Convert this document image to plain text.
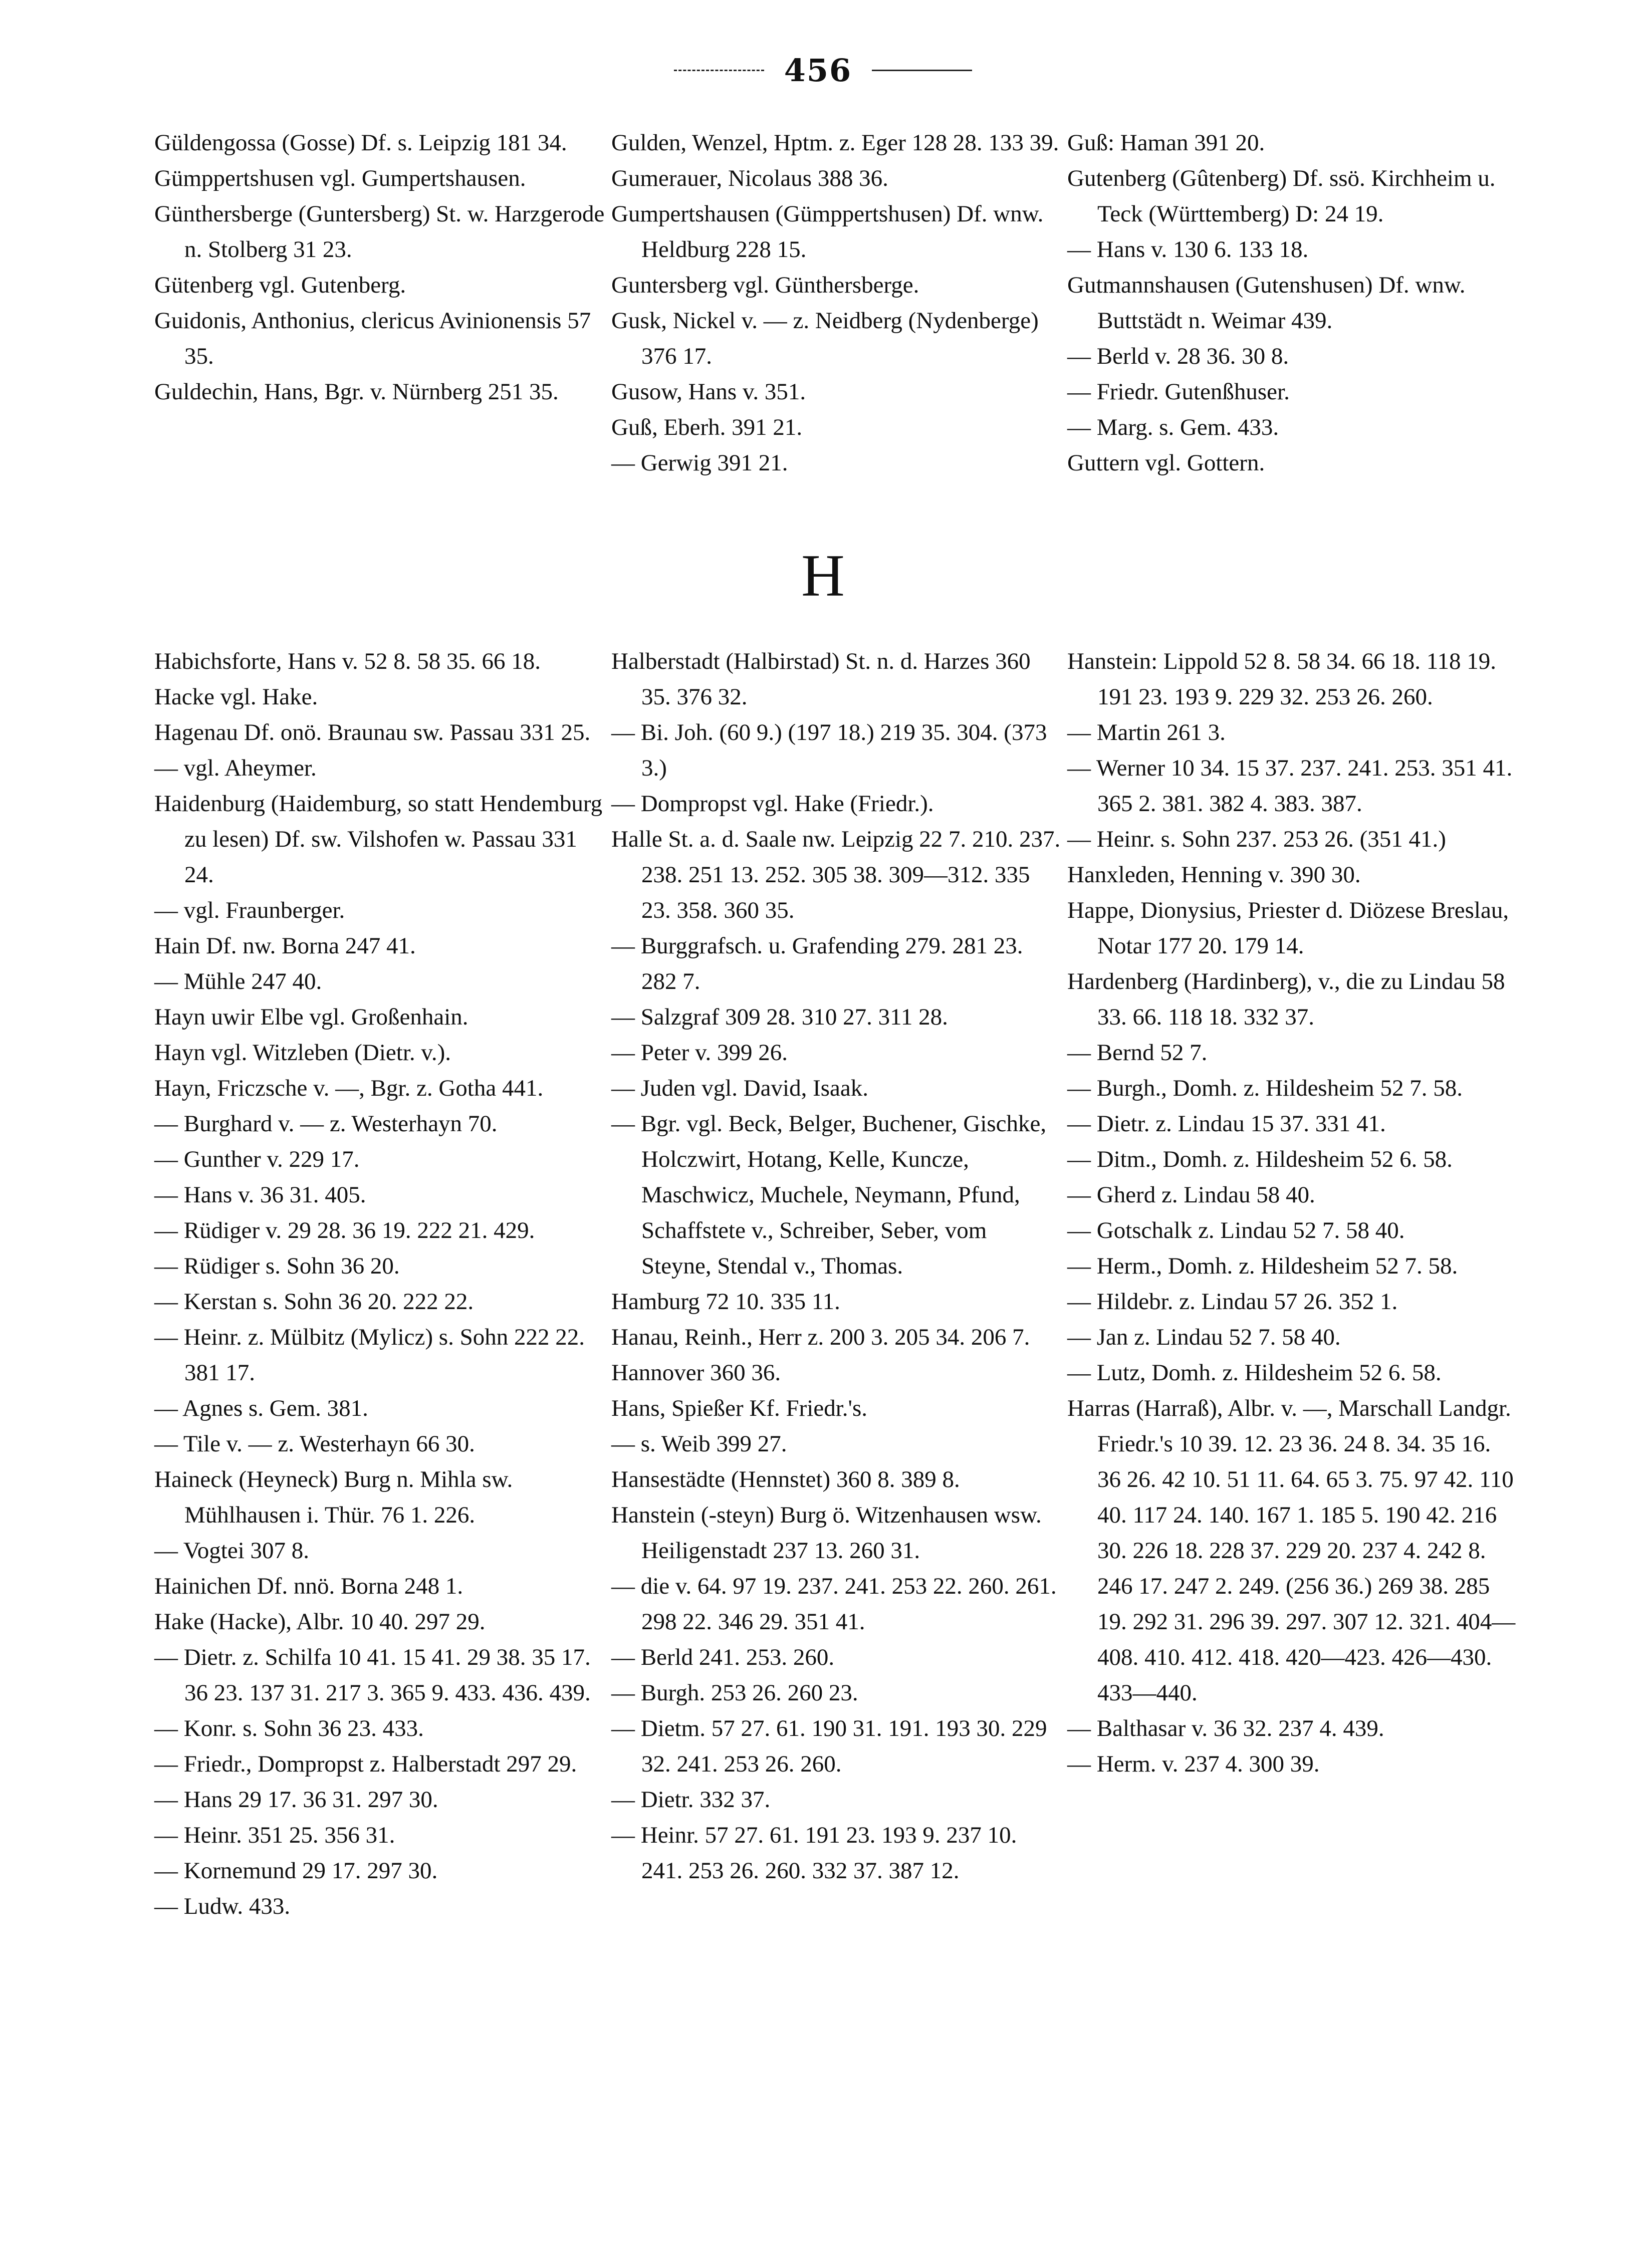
456
Güldengossa (Gosse) Df. s. Leipzig 181 34.
Gümppertshusen vgl. Gumpertshausen.
Günthersberge (Guntersberg) St. w. Harzgerode n. Stolberg 31 23.
Gütenberg vgl. Gutenberg.
Guidonis, Anthonius, clericus Avinionensis 57 35.
Guldechin, Hans, Bgr. v. Nürnberg 251 35.
Gulden, Wenzel, Hptm. z. Eger 128 28. 133 39.
Gumerauer, Nicolaus 388 36.
Gumpertshausen (Gümppertshusen) Df. wnw. Heldburg 228 15.
Guntersberg vgl. Günthersberge.
Gusk, Nickel v. — z. Neidberg (Nydenberge) 376 17.
Gusow, Hans v. 351.
Guß, Eberh. 391 21.
— Gerwig 391 21.
Guß: Haman 391 20.
Gutenberg (Gûtenberg) Df. ssö. Kirchheim u. Teck (Württemberg) D: 24 19.
— Hans v. 130 6. 133 18.
Gutmannshausen (Gutenshusen) Df. wnw. Buttstädt n. Weimar 439.
— Berld v. 28 36. 30 8.
— Friedr. Gutenßhuser.
— Marg. s. Gem. 433.
Guttern vgl. Gottern.
H
Habichsforte, Hans v. 52 8. 58 35. 66 18.
Hacke vgl. Hake.
Hagenau Df. onö. Braunau sw. Passau 331 25.
— vgl. Aheymer.
Haidenburg (Haidemburg, so statt Hendemburg zu lesen) Df. sw. Vilshofen w. Passau 331 24.
— vgl. Fraunberger.
Hain Df. nw. Borna 247 41.
— Mühle 247 40.
Hayn uwir Elbe vgl. Großenhain.
Hayn vgl. Witzleben (Dietr. v.).
Hayn, Friczsche v. —, Bgr. z. Gotha 441.
— Burghard v. — z. Westerhayn 70.
— Gunther v. 229 17.
— Hans v. 36 31. 405.
— Rüdiger v. 29 28. 36 19. 222 21. 429.
— Rüdiger s. Sohn 36 20.
— Kerstan s. Sohn 36 20. 222 22.
— Heinr. z. Mülbitz (Mylicz) s. Sohn 222 22. 381 17.
— Agnes s. Gem. 381.
— Tile v. — z. Westerhayn 66 30.
Haineck (Heyneck) Burg n. Mihla sw. Mühlhausen i. Thür. 76 1. 226.
— Vogtei 307 8.
Hainichen Df. nnö. Borna 248 1.
Hake (Hacke), Albr. 10 40. 297 29.
— Dietr. z. Schilfa 10 41. 15 41. 29 38. 35 17. 36 23. 137 31. 217 3. 365 9. 433. 436. 439.
— Konr. s. Sohn 36 23. 433.
— Friedr., Dompropst z. Halberstadt 297 29.
— Hans 29 17. 36 31. 297 30.
— Heinr. 351 25. 356 31.
— Kornemund 29 17. 297 30.
— Ludw. 433.
Halberstadt (Halbirstad) St. n. d. Harzes 360 35. 376 32.
— Bi. Joh. (60 9.) (197 18.) 219 35. 304. (373 3.)
— Dompropst vgl. Hake (Friedr.).
Halle St. a. d. Saale nw. Leipzig 22 7. 210. 237. 238. 251 13. 252. 305 38. 309—312. 335 23. 358. 360 35.
— Burggrafsch. u. Grafending 279. 281 23. 282 7.
— Salzgraf 309 28. 310 27. 311 28.
— Peter v. 399 26.
— Juden vgl. David, Isaak.
— Bgr. vgl. Beck, Belger, Buchener, Gischke, Holczwirt, Hotang, Kelle, Kuncze, Maschwicz, Muchele, Neymann, Pfund, Schaffstete v., Schreiber, Seber, vom Steyne, Stendal v., Thomas.
Hamburg 72 10. 335 11.
Hanau, Reinh., Herr z. 200 3. 205 34. 206 7.
Hannover 360 36.
Hans, Spießer Kf. Friedr.'s.
— s. Weib 399 27.
Hansestädte (Hennstet) 360 8. 389 8.
Hanstein (-steyn) Burg ö. Witzenhausen wsw. Heiligenstadt 237 13. 260 31.
— die v. 64. 97 19. 237. 241. 253 22. 260. 261. 298 22. 346 29. 351 41.
— Berld 241. 253. 260.
— Burgh. 253 26. 260 23.
— Dietm. 57 27. 61. 190 31. 191. 193 30. 229 32. 241. 253 26. 260.
— Dietr. 332 37.
— Heinr. 57 27. 61. 191 23. 193 9. 237 10. 241. 253 26. 260. 332 37. 387 12.
Hanstein: Lippold 52 8. 58 34. 66 18. 118 19. 191 23. 193 9. 229 32. 253 26. 260.
— Martin 261 3.
— Werner 10 34. 15 37. 237. 241. 253. 351 41. 365 2. 381. 382 4. 383. 387.
— Heinr. s. Sohn 237. 253 26. (351 41.)
Hanxleden, Henning v. 390 30.
Happe, Dionysius, Priester d. Diözese Breslau, Notar 177 20. 179 14.
Hardenberg (Hardinberg), v., die zu Lindau 58 33. 66. 118 18. 332 37.
— Bernd 52 7.
— Burgh., Domh. z. Hildesheim 52 7. 58.
— Dietr. z. Lindau 15 37. 331 41.
— Ditm., Domh. z. Hildesheim 52 6. 58.
— Gherd z. Lindau 58 40.
— Gotschalk z. Lindau 52 7. 58 40.
— Herm., Domh. z. Hildesheim 52 7. 58.
— Hildebr. z. Lindau 57 26. 352 1.
— Jan z. Lindau 52 7. 58 40.
— Lutz, Domh. z. Hildesheim 52 6. 58.
Harras (Harraß), Albr. v. —, Marschall Landgr. Friedr.'s 10 39. 12. 23 36. 24 8. 34. 35 16. 36 26. 42 10. 51 11. 64. 65 3. 75. 97 42. 110 40. 117 24. 140. 167 1. 185 5. 190 42. 216 30. 226 18. 228 37. 229 20. 237 4. 242 8. 246 17. 247 2. 249. (256 36.) 269 38. 285 19. 292 31. 296 39. 297. 307 12. 321. 404—408. 410. 412. 418. 420—423. 426—430. 433—440.
— Balthasar v. 36 32. 237 4. 439.
— Herm. v. 237 4. 300 39.
